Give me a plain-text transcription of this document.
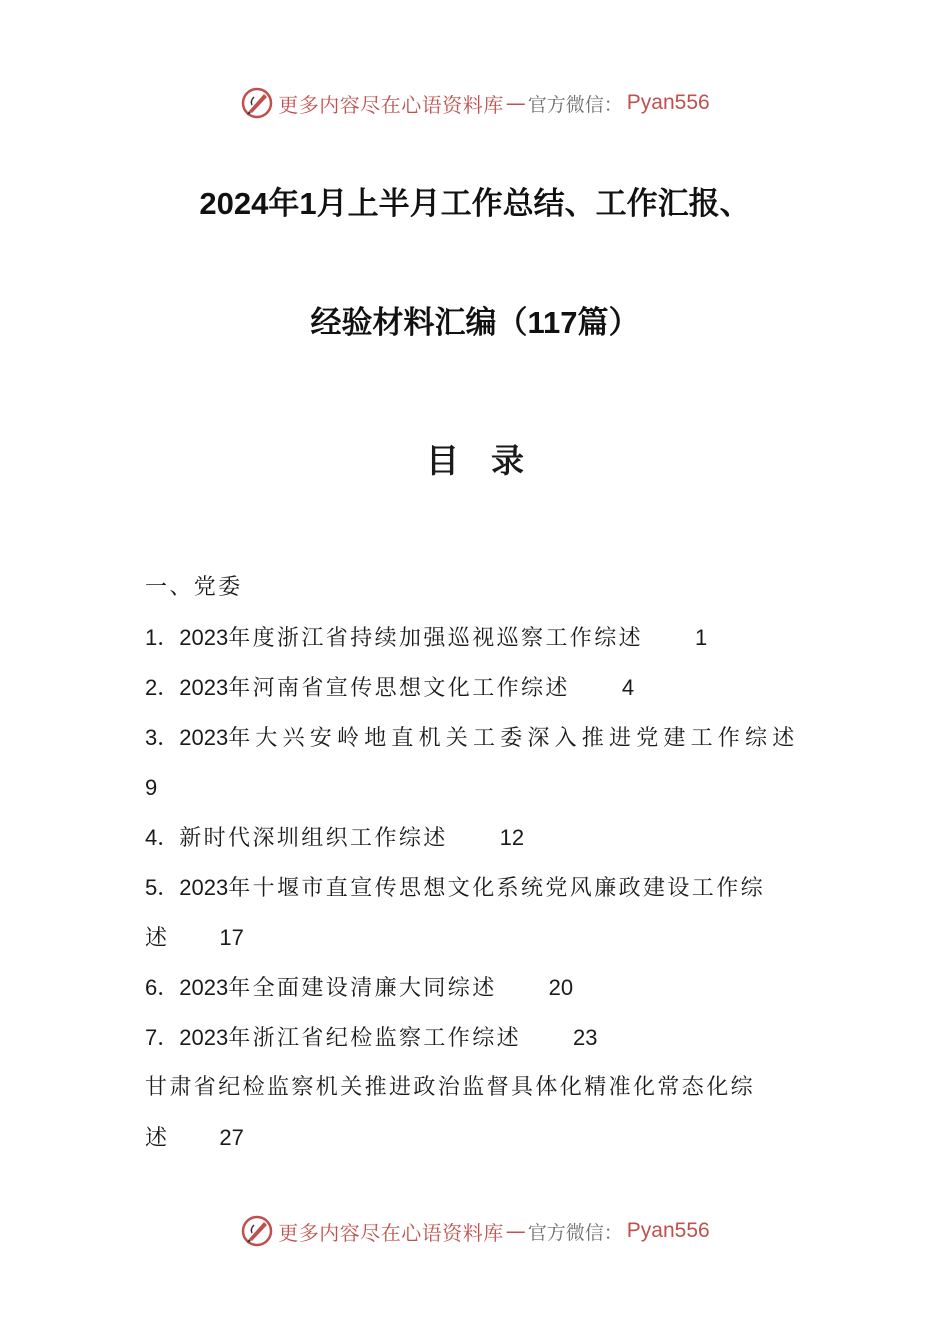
更多内容尽在心语资料库 — 官方微信： Pyan556
2024年1月上半月工作总结、工作汇报、
经验材料汇编（117篇）
目录
一、党委
1．2023年度浙江省持续加强巡视巡察工作综述 1
2．2023年河南省宣传思想文化工作综述 4
3．2023年大兴安岭地直机关工委深入推进党建工作综述
9
4．新时代深圳组织工作综述 12
5．2023年十堰市直宣传思想文化系统党风廉政建设工作综
述 17
6．2023年全面建设清廉大同综述 20
7．2023年浙江省纪检监察工作综述 23
甘肃省纪检监察机关推进政治监督具体化精准化常态化综
述 27
更多内容尽在心语资料库 — 官方微信： Pyan556
